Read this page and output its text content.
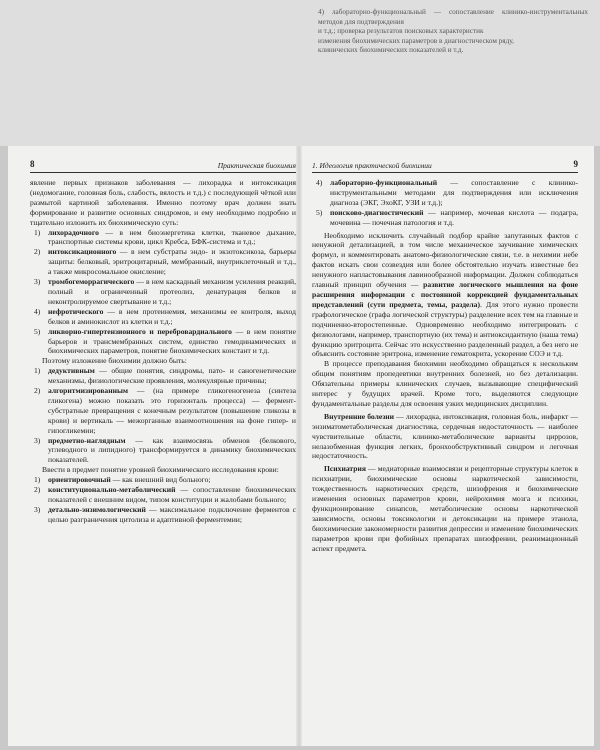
4) лабораторно-функциональный — сопоставление клинико-инструментальных методов для подтверждения

и т.д.; проверка результатов поисковых характеристик

изменения биохимических параметров в диагностическом ряду,

клинических биохимических показателей и т.д.

8	Практическая биохимия

явление первых признаков заболевания — лихорадка и интоксикация (недомогание, головная боль, слабость, вялость и т.д.) с последующей чёткой или размытой картиной заболевания. Именно поэтому врач должен знать формирование и развитие основных синдромов, и ему необходимо подробно и тщательно изложить их биохимическую суть:

1) лихорадочного — в нем биоэнергетика клетки, тканевое дыхание, транспортные системы крови, цикл Кребса, БФК-система и т.д.;
2) интоксикационного — в нем субстраты эндо- и экзотоксикоза, барьеры защиты: белковый, эритроцитарный, мембранный, внутриклеточный и т.д., а также микросомальное окисление;
3) тромбогеморрагического — в нем каскадный механизм усиления реакций, полный и ограниченный протеолиз, денатурация белков и неконтролируемое свертывание и т.д.;
4) нефротического — в нем протеинемия, механизмы ее контроля, выход белков и аминокислот из клетки и т.д.;
5) ликворно-гипертензионного и перебровардиального — в нем понятие барьеров и трансмембранных систем, единство гемодинамических и биохимических параметров, понятие биохимических констант и т.д.

Поэтому изложение биохимии должно быть:

1) дедуктивным — общие понятия, синдромы, пато- и саногенетические механизмы, физиологические проявления, молекулярные причины;
2) алгоритмизированным — (на примере гликогеногенеза (синтеза гликогена) можно показать это горизонталь процесса) — фермент-субстратные превращения с конечным результатом (повышение гликозы в крови) и вертикаль — межорганные взаимоотношения на фоне гипер- и гипогликемии;
3) предметно-наглядным — как взаимосвязь обменов (белкового, углеводного и липидного) трансформируется в динамику биохимических показателей.

Ввести в предмет понятие уровней биохимического исследования крови:

1) ориентировочный — как внешний вид больного;
2) конституционально-метаболический — сопоставление биохимических показателей с внешним видом, типом конституции и жалобами больного;
3) детально-энзимологический — максимальное подключение ферментов с целью разграничения цитолиза и адаптивной ферментемии;
1. Идеология практической биохимии	9
4) лабораторно-функциональный — сопоставление с клинико-инструментальными методами для подтверждения или исключения диагноза (ЭКГ, ЭхоКГ, УЗИ и т.д.);
5) поисково-диагностический — например, мочевая кислота — подагра, мочевина — почечная патология и т.д.

Необходимо исключить случайный подбор крайне запутанных фактов с ненужной детализацией, в том числе механическое заучивание химических формул, и комментировать анатомо-физиологические связи, т.е. в нехимии небе фактов искать свои созвездия или более обстоятельно изучать известные без ненужного напластовывания лавинообразной информации. Должен соблюдаться главный принцип обучения — развитие логического мышления на фоне расширения информации с постоянной коррекцией фундаментальных представлений (сути предмета, темы, раздела). Для этого нужно провести графологическое (графа логической структуры) разделение всех тем на главные и подчиненно-второстепенные. Одновременно необходимо интегрировать с физиологами, например, транспортную (их тема) и антиоксидантную (наша тема) функцию эритроцита. Сейчас это искусственно разделенный раздел, а без него не объяснить состояние эритрона, изменение гематокрита, ускорение СОЭ и т.д.

В процессе преподавания биохимии необходимо обращаться к нескольким общим понятиям пропедевтики внутренних болезней, но без детализации. Обязательны примеры клинических случаев, вызывающие специфический интерес у будущих врачей. Кроме того, выделяются следующие фундаментальные разделы для освоения узких медицинских дисциплин.

Внутренние болезни — лихорадка, интоксикация, головная боль, инфаркт — энзиматометаболическая диагностика, сердечная недостаточность — наиболее чувствительные области, клинико-метаболические варианты циррозов, нелазобменная функция легких, бронхообструктивный синдром и легочная недостаточность.

Психиатрия — медиаторные взаимосвязи и рецепторные структуры клеток в психиатрии, биохимические основы наркотической зависимости, тождественность наркотических средств, шизофрения и биохимические изменения основных параметров крови, нейрохимия мозга и психики, функционирование синапсов, метаболические основы наркотической зависимости, основы токсикологии и детоксикации на примере этанола, биохимические закономерности развития депрессии и изменение биохимических параметров крови при фобийных препаратах шизофрении, реанимационный аспект предмета.
